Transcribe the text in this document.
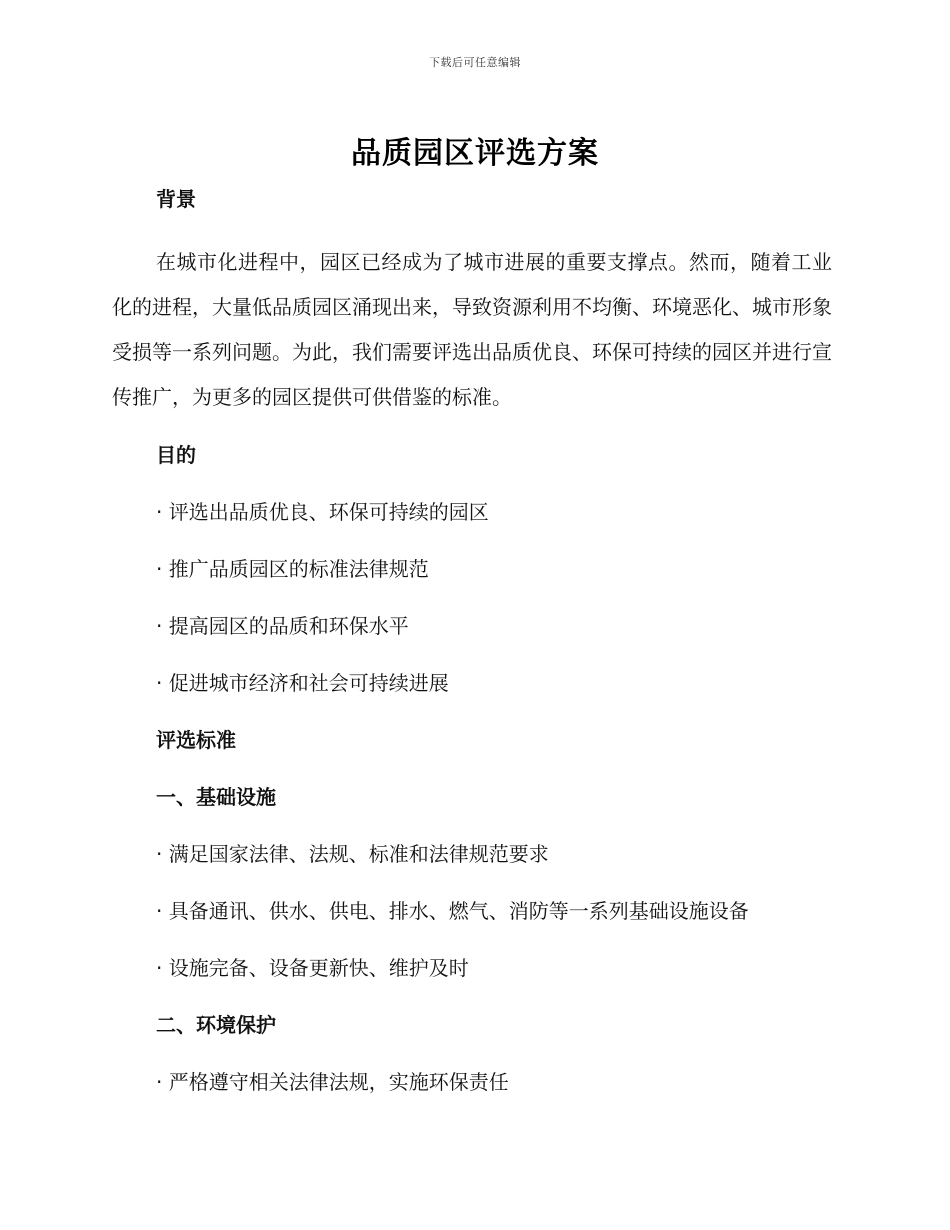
下载后可任意编辑
品质园区评选方案
背景

在城市化进程中，园区已经成为了城市进展的重要支撑点。然而，随着工业化的进程，大量低品质园区涌现出来，导致资源利用不均衡、环境恶化、城市形象受损等一系列问题。为此，我们需要评选出品质优良、环保可持续的园区并进行宣传推广，为更多的园区提供可供借鉴的标准。

目的
· 评选出品质优良、环保可持续的园区
· 推广品质园区的标准法律规范
· 提高园区的品质和环保水平
· 促进城市经济和社会可持续进展
评选标准
一、基础设施
· 满足国家法律、法规、标准和法律规范要求
· 具备通讯、供水、供电、排水、燃气、消防等一系列基础设施设备
· 设施完备、设备更新快、维护及时
二、环境保护
· 严格遵守相关法律法规，实施环保责任
